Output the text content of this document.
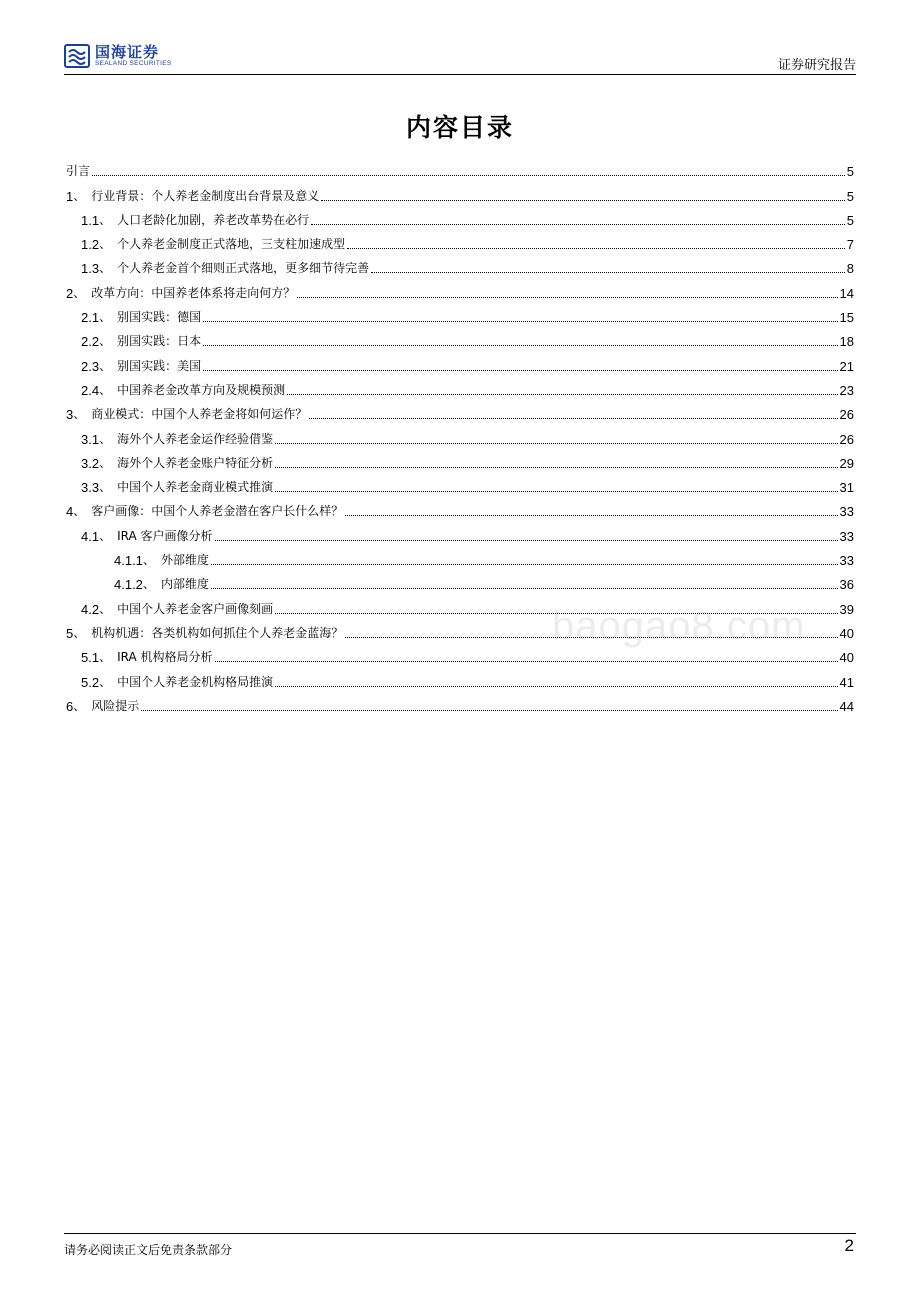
国海证券
SEALAND SECURITIES	证券研究报告
内容目录
引言	5
1 、 行业背景：个人养老金制度出台背景及意义	5
1.1 、 人口老龄化加剧，养老改革势在必行	5
1.2 、 个人养老金制度正式落地，三支柱加速成型	7
1.3 、 个人养老金首个细则正式落地，更多细节待完善	8
2 、 改革方向：中国养老体系将走向何方？	14
2.1 、 别国实践：德国	15
2.2 、 别国实践：日本	18
2.3 、 别国实践：美国	21
2.4 、 中国养老金改革方向及规模预测	23
3 、 商业模式：中国个人养老金将如何运作？	26
3.1 、 海外个人养老金运作经验借鉴	26
3.2 、 海外个人养老金账户特征分析	29
3.3 、 中国个人养老金商业模式推演	31
4 、 客户画像：中国个人养老金潜在客户长什么样？	33
4.1 、 IRA 客户画像分析	33
4.1.1 、 外部维度	33
4.1.2 、 内部维度	36
4.2 、 中国个人养老金客户画像刻画	39
5 、 机构机遇：各类机构如何抓住个人养老金蓝海？	40
5.1 、 IRA 机构格局分析	40
5.2 、 中国个人养老金机构格局推演	41
6 、 风险提示	44
baogao8.com
请务必阅读正文后免责条款部分	2
